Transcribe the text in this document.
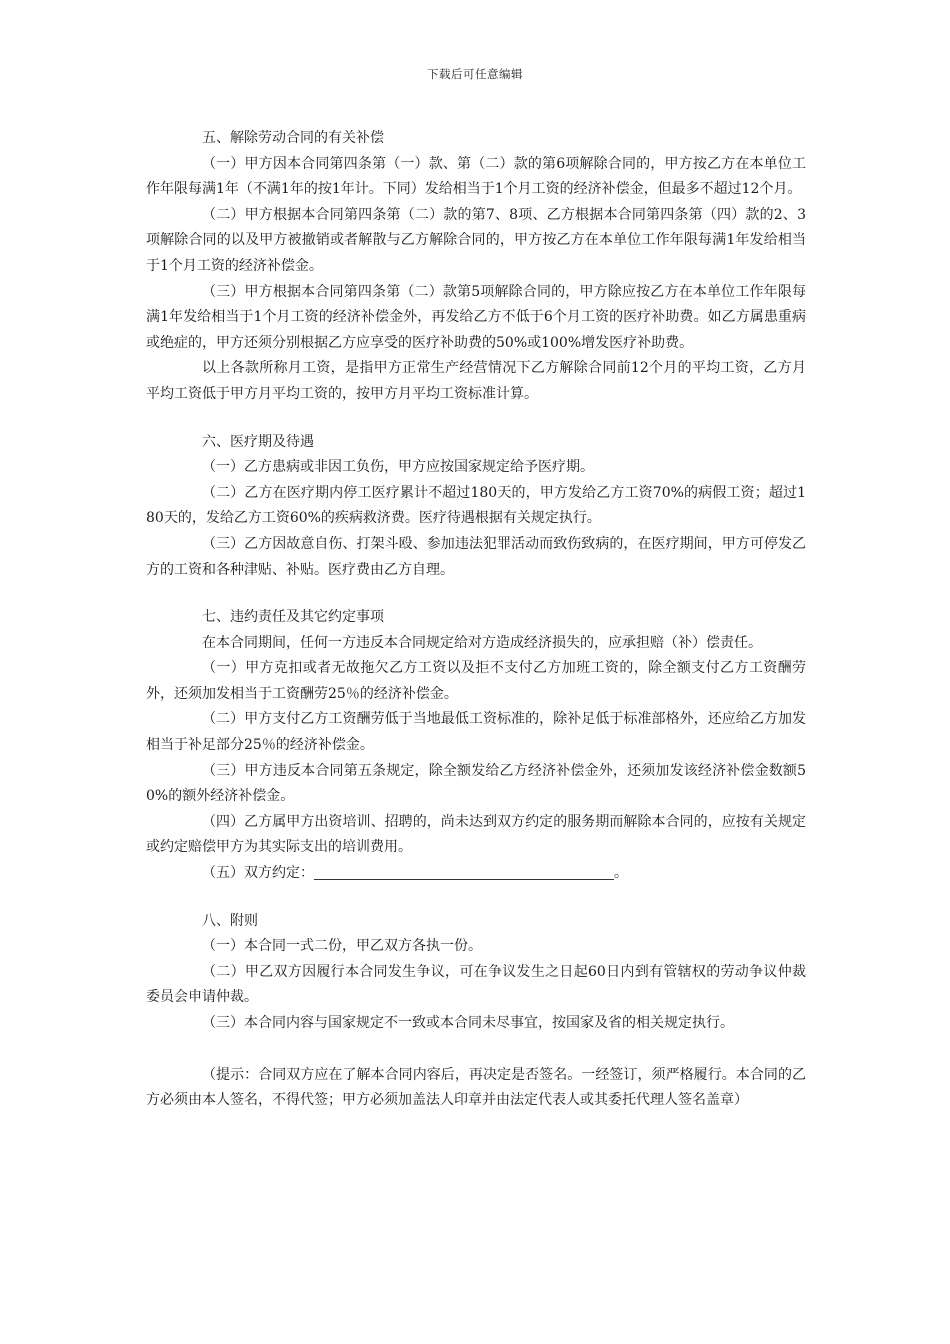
下载后可任意编辑

五、解除劳动合同的有关补偿

（一）甲方因本合同第四条第（一）款、第（二）款的第6项解除合同的，甲方按乙方在本单位工作年限每满1年（不满1年的按1年计。下同）发给相当于1个月工资的经济补偿金，但最多不超过12个月。

（二）甲方根据本合同第四条第（二）款的第7、8项、乙方根据本合同第四条第（四）款的2、3项解除合同的以及甲方被撤销或者解散与乙方解除合同的，甲方按乙方在本单位工作年限每满1年发给相当于1个月工资的经济补偿金。

（三）甲方根据本合同第四条第（二）款第5项解除合同的，甲方除应按乙方在本单位工作年限每满1年发给相当于1个月工资的经济补偿金外，再发给乙方不低于6个月工资的医疗补助费。如乙方属患重病或绝症的，甲方还须分别根据乙方应享受的医疗补助费的50%或100%增发医疗补助费。

以上各款所称月工资，是指甲方正常生产经营情况下乙方解除合同前12个月的平均工资，乙方月平均工资低于甲方月平均工资的，按甲方月平均工资标准计算。

六、医疗期及待遇

（一）乙方患病或非因工负伤，甲方应按国家规定给予医疗期。

（二）乙方在医疗期内停工医疗累计不超过180天的，甲方发给乙方工资70%的病假工资；超过180天的，发给乙方工资60%的疾病救济费。医疗待遇根据有关规定执行。

（三）乙方因故意自伤、打架斗殴、参加违法犯罪活动而致伤致病的，在医疗期间，甲方可停发乙方的工资和各种津贴、补贴。医疗费由乙方自理。

七、违约责任及其它约定事项

在本合同期间，任何一方违反本合同规定给对方造成经济损失的，应承担赔（补）偿责任。

（一）甲方克扣或者无故拖欠乙方工资以及拒不支付乙方加班工资的，除全额支付乙方工资酬劳外，还须加发相当于工资酬劳25％的经济补偿金。

（二）甲方支付乙方工资酬劳低于当地最低工资标准的，除补足低于标准部格外，还应给乙方加发相当于补足部分25％的经济补偿金。

（三）甲方违反本合同第五条规定，除全额发给乙方经济补偿金外，还须加发该经济补偿金数额50%的额外经济补偿金。

（四）乙方属甲方出资培训、招聘的，尚未达到双方约定的服务期而解除本合同的，应按有关规定或约定赔偿甲方为其实际支出的培训费用。

（五）双方约定：	。

八、附则

（一）本合同一式二份，甲乙双方各执一份。

（二）甲乙双方因履行本合同发生争议，可在争议发生之日起60日内到有管辖权的劳动争议仲裁委员会申请仲裁。

（三）本合同内容与国家规定不一致或本合同未尽事宜，按国家及省的相关规定执行。

（提示：合同双方应在了解本合同内容后，再决定是否签名。一经签订，须严格履行。本合同的乙方必须由本人签名，不得代签；甲方必须加盖法人印章并由法定代表人或其委托代理人签名盖章）
